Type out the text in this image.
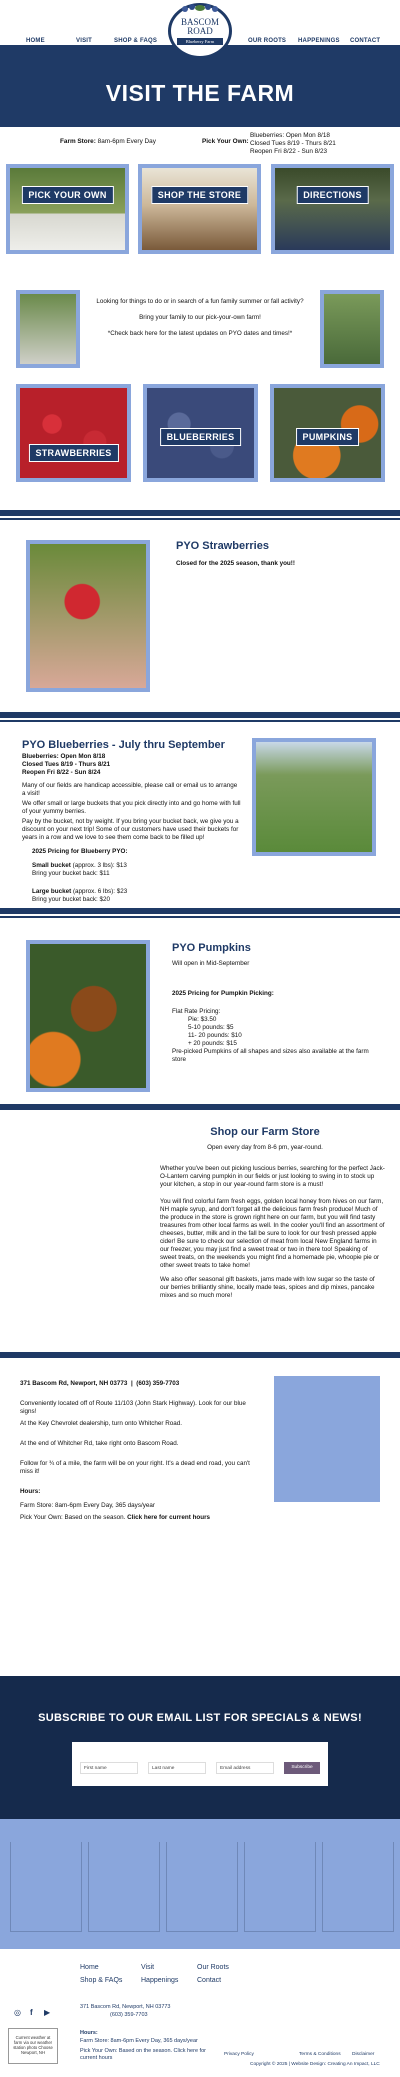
HOME	VISIT	SHOP & FAQS	OUR ROOTS HAPPENINGS CONTACT
BASCOM
ROAD
Blueberry Farm
VISIT THE FARM
Farm Store: 8am-6pm Every Day	Pick Your Own:
Blueberries: Open Mon 8/18
Closed Tues 8/19 - Thurs 8/21
Reopen Fri 8/22 - Sun 8/23
PICK YOUR OWN	SHOP THE STORE	DIRECTIONS
Looking for things to do or in search of a fun family summer or fall activity?
Bring your family to our pick-your-own farm!
*Check back here for the latest updates on PYO dates and times!*
STRAWBERRIES
BLUEBERRIES	PUMPKINS
PYO Strawberries
Closed for the 2025 season, thank you!!
PYO Blueberries - July thru September
Blueberries: Open Mon 8/18
Closed Tues 8/19 - Thurs 8/21
Reopen Fri 8/22 - Sun 8/24
Many of our fields are handicap accessible, please call or email us to arrange a visit!
We offer small or large buckets that you pick directly into and go home with full of your yummy berries.
Pay by the bucket, not by weight. If you bring your bucket back, we give you a discount on your next trip! Some of our customers have used their buckets for years in a row and we love to see them come back to be filled up!
2025 Pricing for Blueberry PYO:
Small bucket (approx. 3 lbs): $13
Bring your bucket back: $11
Large bucket (approx. 6 lbs): $23
Bring your bucket back: $20
PYO Pumpkins
Will open in Mid-September
2025 Pricing for Pumpkin Picking:
Flat Rate Pricing:
Pie: $3.50
5-10 pounds: $5
11- 20 pounds: $10
+ 20 pounds: $15
Pre-picked Pumpkins of all shapes and sizes also available at the farm store
Shop our Farm Store
Open every day from 8-6 pm, year-round.
Whether you've been out picking luscious berries, searching for the perfect Jack-O-Lantern carving pumpkin in our fields or just looking to swing in to stock up your kitchen, a stop in our year-round farm store is a must!
You will find colorful farm fresh eggs, golden local honey from hives on our farm, NH maple syrup, and don't forget all the delicious farm fresh produce! Much of the produce in the store is grown right here on our farm, but you will find tasty treasures from other local farms as well. In the cooler you'll find an assortment of cheeses, butter, milk and in the fall be sure to look for our fresh pressed apple cider! Be sure to check our selection of meat from local New England farms in our freezer, you may just find a sweet treat or two in there too! Speaking of sweet treats, on the weekends you might find a homemade pie, whoopie pie or other sweet treats to take home!
We also offer seasonal gift baskets, jams made with low sugar so the taste of our berries brilliantly shine, locally made teas, spices and dip mixes, pancake mixes and so much more!
371 Bascom Rd, Newport, NH 03773  |  (603) 359-7703
Conveniently located off of Route 11/103 (John Stark Highway). Look for our blue signs!
At the Key Chevrolet dealership, turn onto Whitcher Road.
At the end of Whitcher Rd, take right onto Bascom Road.
Follow for ¾ of a mile, the farm will be on your right. It's a dead end road, you can't miss it!
Hours:
Farm Store: 8am-6pm Every Day, 365 days/year
Pick Your Own: Based on the season. Click here for current hours
SUBSCRIBE TO OUR EMAIL LIST FOR SPECIALS & NEWS!
First name	Last name	Email address	Subscribe
Home	Visit	Our Roots
Shop & FAQs	Happenings	Contact
◎ f ▶
371 Bascom Rd, Newport, NH 03773
(603) 359-7703
Current weather at farm via our weather station photo Choose Newport, NH
Hours:
Farm Store: 8am-6pm Every Day, 365 days/year
Pick Your Own: Based on the season. Click here for current hours
Privacy Policy	Terms & Conditions Disclaimer
Copyright © 2025 | Website Design: Creating An Impact, LLC
